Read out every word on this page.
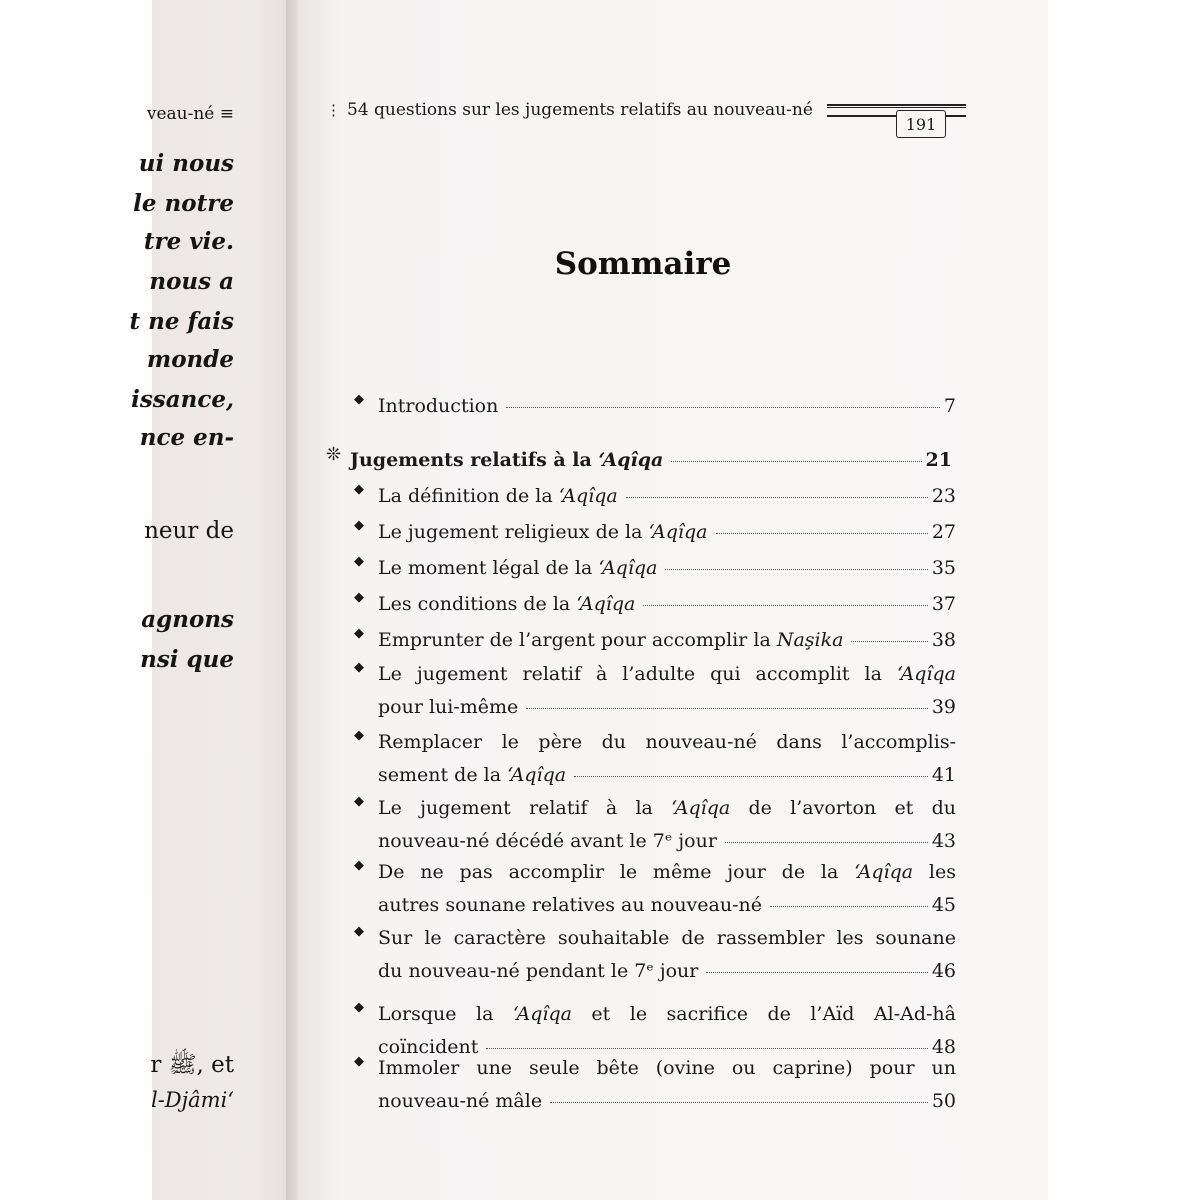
veau-né ≡
ui nous
le notre
tre vie.
nous a
t ne fais
monde
issance,
nce en-
neur de
agnons
nsi que
r ﷺ, et
l-Djâmi‘
⋮ 54 questions sur les jugements relatifs au nouveau-né
191
Sommaire
◆ Introduction	7
❊ Jugements relatifs à la ‘Aqîqa	21
◆ La définition de la ‘Aqîqa	23
◆ Le jugement religieux de la ‘Aqîqa	27
◆ Le moment légal de la ‘Aqîqa	35
◆ Les conditions de la ‘Aqîqa	37
◆ Emprunter de l’argent pour accomplir la Naşika	38
◆ Le jugement relatif à l’adulte qui accomplit la ‘Aqîqa
pour lui-même	39
◆ Remplacer le père du nouveau-né dans l’accomplis-
sement de la ‘Aqîqa	41
◆ Le jugement relatif à la ‘Aqîqa de l’avorton et du
nouveau-né décédé avant le 7ᵉ jour	43
◆ De ne pas accomplir le même jour de la ‘Aqîqa les
autres sounane relatives au nouveau-né	45
◆ Sur le caractère souhaitable de rassembler les sounane
du nouveau-né pendant le 7ᵉ jour	46
◆ Lorsque la ‘Aqîqa et le sacrifice de l’Aïd Al-Ad-hâ
coïncident	48
◆ Immoler une seule bête (ovine ou caprine) pour un
nouveau-né mâle	50
